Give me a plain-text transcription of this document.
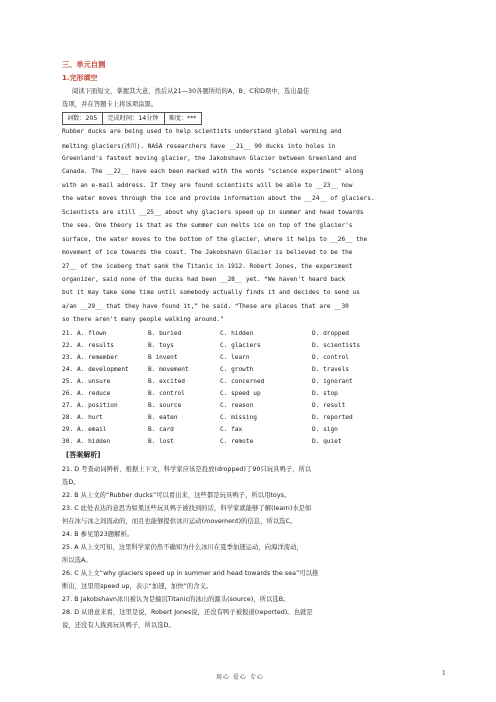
三、单元自测
1.完形填空
阅读下面短文，掌握其大意，然后从21—30各题所给的A、B、C和D项中，选出最佳
选项，并在答题卡上将该项涂黑。
词数：205	完成时间：14分钟	难度：***
Rubber ducks are being used to help scientists understand global warming and
melting glaciers(冰川). NASA researchers have __21__ 90 ducks into holes in
Greenland's fastest moving glacier, the Jakobshavn Glacier between Greenland and
Canada. The __22__ have each been marked with the words "science experiment" along
with an e-mail address. If they are found scientists will be able to __23__ how
the water moves through the ice and provide information about the __24__ of glaciers.
Scientists are still __25__ about why glaciers speed up in summer and head towards
the sea. One theory is that as the summer sun melts ice on top of the glacier's
surface, the water moves to the bottom of the glacier, where it helps to __26__ the
movement of ice towards the coast. The Jakobshavn Glacier is believed to be the
27__ of the iceberg that sank the Titanic in 1912. Robert Jones, the experiment
organizer, said none of the ducks had been __28__ yet. “We haven't heard back
but it may take some time until somebody actually finds it and decides to send us
a/an __29__ that they have found it,” he said. “These are places that are __30
so there aren't many people walking around."
21. A. flown	B. buried	C. hidden	D. dropped
22. A. results	B. toys	C. glaciers	D. scientists
23. A. remember	B invent	C. learn	D. control
24. A. development	B. movement	C. growth	D. travels
25. A. unsure	B. excited	C. concerned	D. ignorant
26. A. reduce	B. control	C. speed up	D. stop
27. A. position	B. source	C. reason	D. result
28. A. hurt	B. eaten	C. missing	D. reported
29. A. email	B. card	C. fax	D. sign
30. A. hidden	B. lost	C. remote	D. quiet
[答案解析]
21. D 考查动词辨析，根据上下文，科学家应该是投放(dropped)了90只玩具鸭子，所以
选D。
22. B 从上文的“Rubber ducks”可以看出来，这些都是玩具鸭子，所以用toys。
23. C 此处表达的意思为如果这些玩具鸭子被找到的话，科学家就能够了解(learn)水是如
何在冰与冰之间流动的，而且也能够提供冰川运动(movement)的信息，所以选C。
24. B 参见第23题解析。
25. A 从上文可知，这里科学家仍然不确知为什么冰川在夏季加速运动，向海洋流动，
所以选A。
26. C 从上文“why glaciers speed up in summer and head towards the sea”可以推
断出，这里用speed up，表示“加速，加快”的含义。
27. B Jakobshavn冰川被认为是撞沉Titanic的冰山的源头(source)，所以选B。
28. D 从语意来看，这里是说，Robert Jones说，还没有鸭子被报道(reported)。也就是
说，还没有人拣到玩具鸭子，所以选D。
用心 爱心 专心
1
